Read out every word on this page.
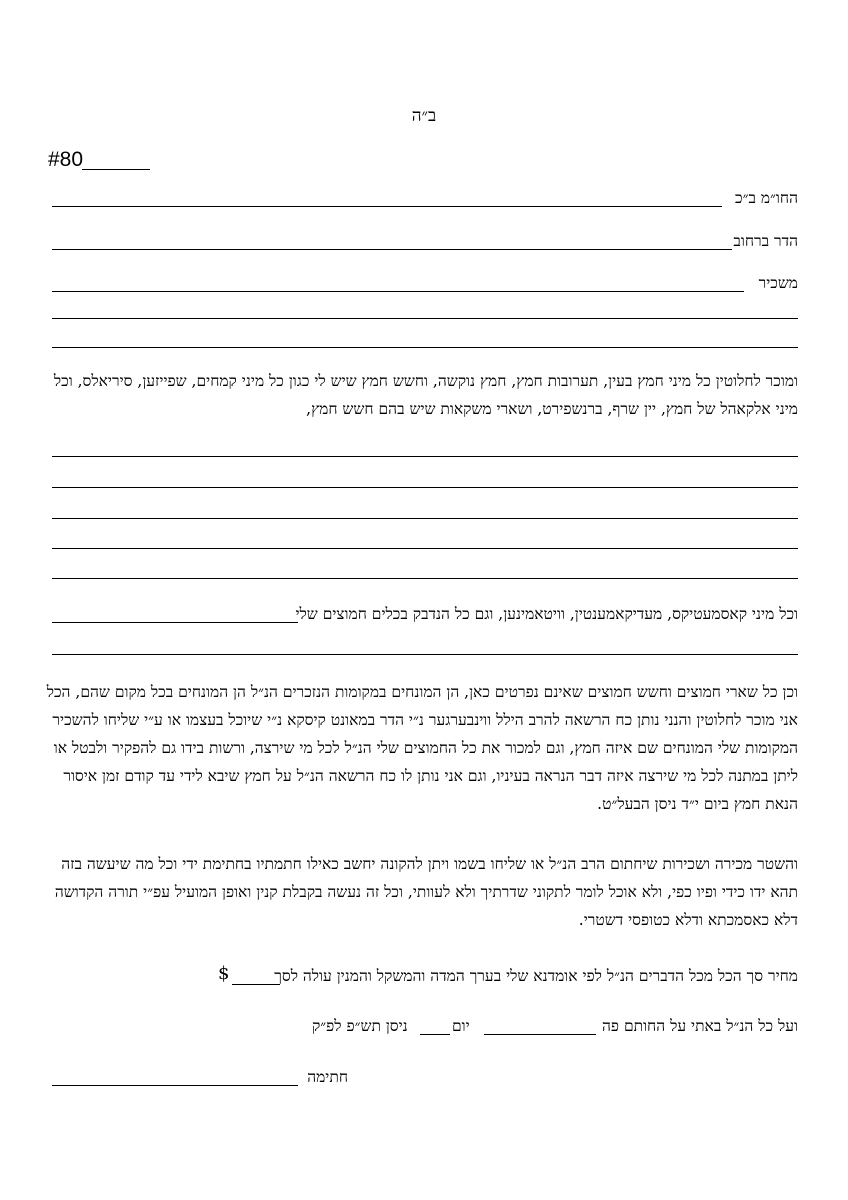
ב״ה
#80
החו״מ ב״כ
הדר ברחוב
משכיר
ומוכר לחלוטין כל מיני חמץ בעין, תערובות חמץ, חמץ נוקשה, וחשש חמץ שיש לי כגון כל מיני קמחים, שפייזען, סיריאלס, וכל
מיני אלקאהל של חמץ, יין שרף, ברנשפירט, ושארי משקאות שיש בהם חשש חמץ,
וכל מיני קאסמעטיקס, מעדיקאמענטין, וויטאמינען, וגם כל הנדבק בכלים חמוצים שלי
וכן כל שארי חמוצים וחשש חמוצים שאינם נפרטים כאן, הן המונחים במקומות הנזכרים הנ״ל הן המונחים בכל מקום שהם, הכל
אני מוכר לחלוטין והנני נותן כח הרשאה להרב הילל ווינבערגער נ״י הדר במאונט קיסקא נ״י שיוכל בעצמו או ע״י שליחו להשכיר
המקומות שלי המונחים שם איזה חמץ, וגם למכור את כל החמוצים שלי הנ״ל לכל מי שירצה, ורשות בידו גם להפקיר ולבטל או
ליתן במתנה לכל מי שירצה איזה דבר הנראה בעיניו, וגם אני נותן לו כח הרשאה הנ״ל על חמץ שיבא לידי עד קודם זמן איסור
הנאת חמץ ביום י״ד ניסן הבעל״ט.
והשטר מכירה ושכירות שיחתום הרב הנ״ל או שליחו בשמו ויתן להקונה יחשב כאילו חתמתיו בחתימת ידי וכל מה שיעשה בזה
תהא ידו כידי ופיו כפי, ולא אוכל לומר לתקוני שדרתיך ולא לעוותי, וכל זה נעשה בקבלת קנין ואופן המועיל עפ״י תורה הקדושה
דלא כאסמכתא ודלא כטופסי דשטרי.
מחיר סך הכל מכל הדברים הנ״ל לפי אומדנא שלי בערך המדה והמשקל והמנין עולה לסך
$
ועל כל הנ״ל באתי על החותם פה
יום
ניסן תש״פ לפ״ק
חתימה
